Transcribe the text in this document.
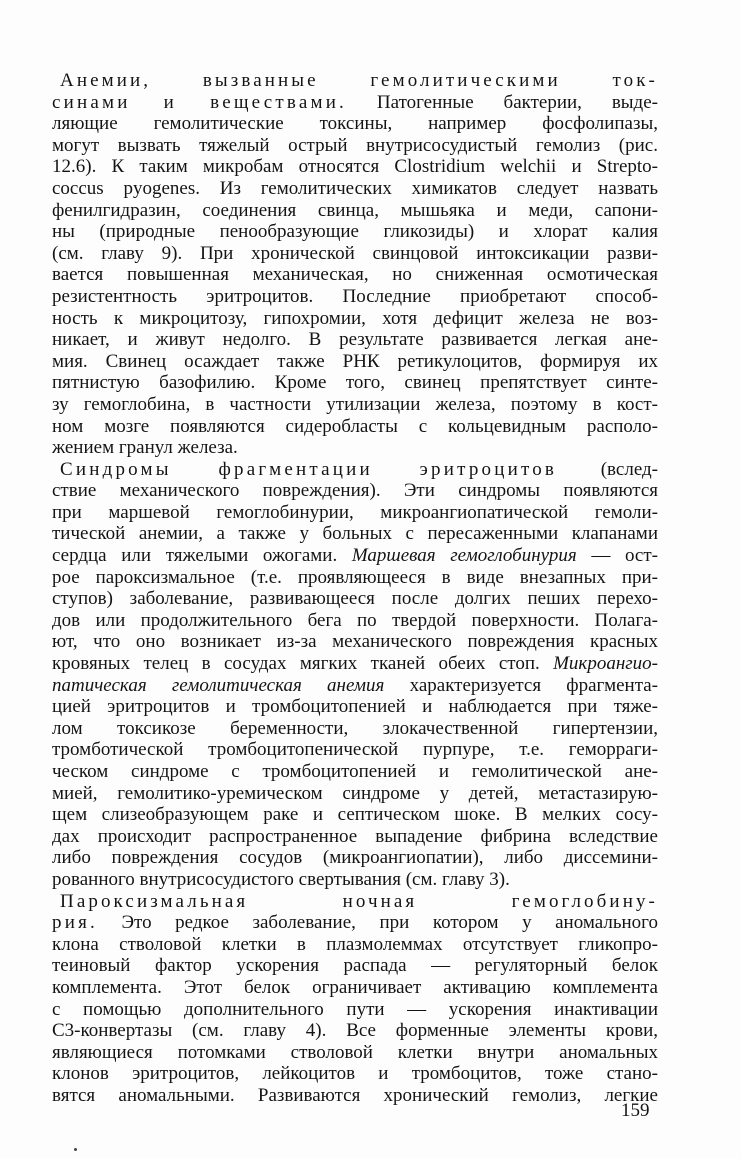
Анемии, вызванные гемолитическими ток-
синами и веществами. Патогенные бактерии, выде-
ляющие гемолитические токсины, например фосфолипазы,
могут вызвать тяжелый острый внутрисосудистый гемолиз (рис.
12.6). К таким микробам относятся Clostridium welchii и Strepto-
coccus pyogenes. Из гемолитических химикатов следует назвать
фенилгидразин, соединения свинца, мышьяка и меди, сапони-
ны (природные пенообразующие гликозиды) и хлорат калия
(см. главу 9). При хронической свинцовой интоксикации разви-
вается повышенная механическая, но сниженная осмотическая
резистентность эритроцитов. Последние приобретают способ-
ность к микроцитозу, гипохромии, хотя дефицит железа не воз-
никает, и живут недолго. В результате развивается легкая ане-
мия. Свинец осаждает также РНК ретикулоцитов, формируя их
пятнистую базофилию. Кроме того, свинец препятствует синте-
зу гемоглобина, в частности утилизации железа, поэтому в кост-
ном мозге появляются сидеробласты с кольцевидным располо-
жением гранул железа.
Синдромы фрагментации эритроцитов (вслед-
ствие механического повреждения). Эти синдромы появляются
при маршевой гемоглобинурии, микроангиопатической гемоли-
тической анемии, а также у больных с пересаженными клапанами
сердца или тяжелыми ожогами. Маршевая гемоглобинурия — ост-
рое пароксизмальное (т.е. проявляющееся в виде внезапных при-
ступов) заболевание, развивающееся после долгих пеших перехо-
дов или продолжительного бега по твердой поверхности. Полага-
ют, что оно возникает из-за механического повреждения красных
кровяных телец в сосудах мягких тканей обеих стоп. Микроангио-
патическая гемолитическая анемия характеризуется фрагмента-
цией эритроцитов и тромбоцитопенией и наблюдается при тяже-
лом токсикозе беременности, злокачественной гипертензии,
тромботической тромбоцитопенической пурпуре, т.е. геморраги-
ческом синдроме с тромбоцитопенией и гемолитической ане-
мией, гемолитико-уремическом синдроме у детей, метастазирую-
щем слизеобразующем раке и септическом шоке. В мелких сосу-
дах происходит распространенное выпадение фибрина вследствие
либо повреждения сосудов (микроангиопатии), либо диссемини-
рованного внутрисосудистого свертывания (см. главу 3).
Пароксизмальная ночная гемоглобину-
рия. Это редкое заболевание, при котором у аномального
клона стволовой клетки в плазмолеммах отсутствует гликопро-
теиновый фактор ускорения распада — регуляторный белок
комплемента. Этот белок ограничивает активацию комплемента
с помощью дополнительного пути — ускорения инактивации
С3-конвертазы (см. главу 4). Все форменные элементы крови,
являющиеся потомками стволовой клетки внутри аномальных
клонов эритроцитов, лейкоцитов и тромбоцитов, тоже стано-
вятся аномальными. Развиваются хронический гемолиз, легкие
159
